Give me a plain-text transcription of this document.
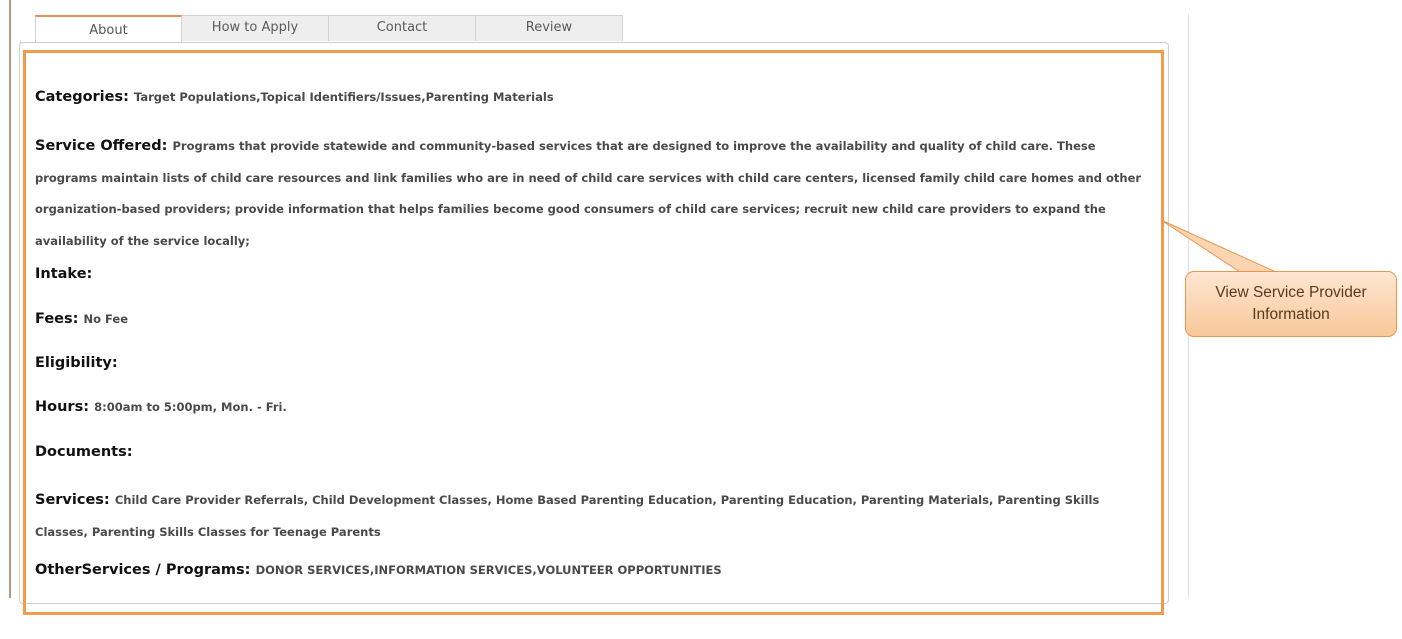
About	How to Apply	Contact	Review

Categories: Target Populations,Topical Identifiers/Issues,Parenting Materials

Service Offered: Programs that provide statewide and community-based services that are designed to improve the availability and quality of child care. These programs maintain lists of child care resources and link families who are in need of child care services with child care centers, licensed family child care homes and other organization-based providers; provide information that helps families become good consumers of child care services; recruit new child care providers to expand the availability of the service locally;

Intake:

Fees: No Fee

Eligibility:

Hours: 8:00am to 5:00pm, Mon. - Fri.

Documents:

Services: Child Care Provider Referrals, Child Development Classes, Home Based Parenting Education, Parenting Education, Parenting Materials, Parenting Skills Classes, Parenting Skills Classes for Teenage Parents

OtherServices / Programs: DONOR SERVICES,INFORMATION SERVICES,VOLUNTEER OPPORTUNITIES

View Service Provider Information
